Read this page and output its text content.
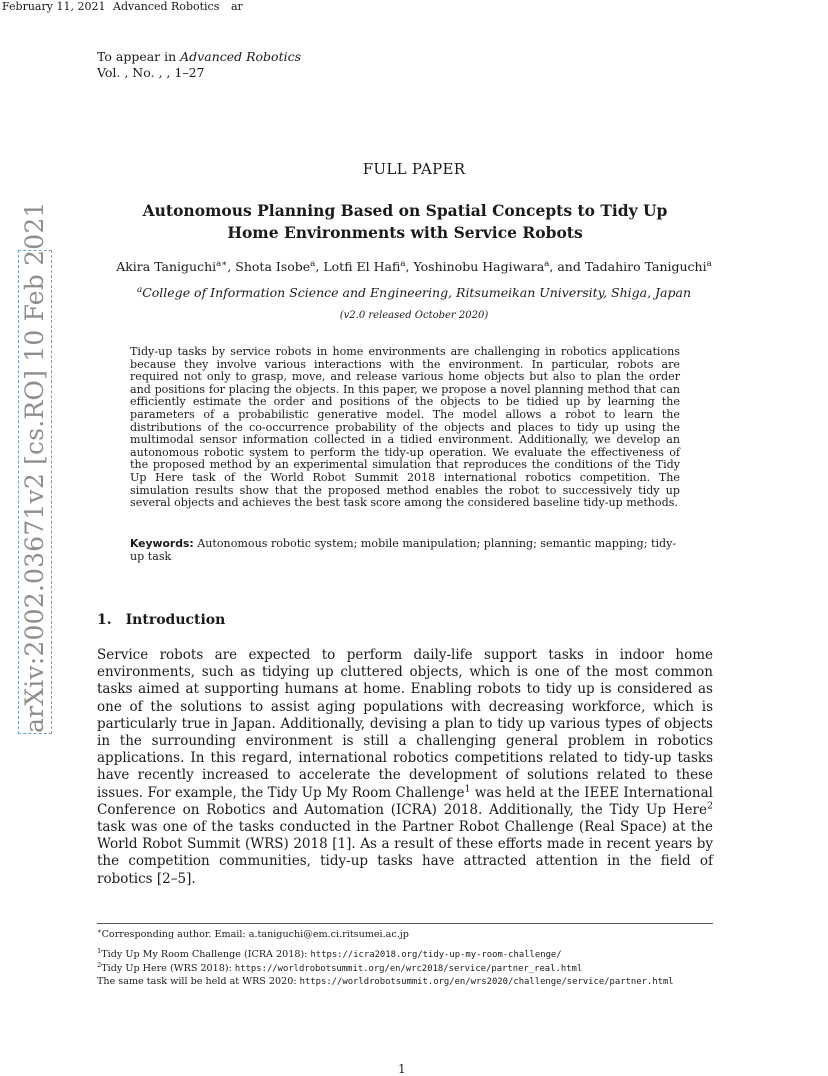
February 11, 2021 Advanced Robotics ar
arXiv:2002.03671v2 [cs.RO] 10 Feb 2021
To appear in Advanced Robotics
Vol. , No. , , 1–27
FULL PAPER
Autonomous Planning Based on Spatial Concepts to Tidy Up
Home Environments with Service Robots
Akira Taniguchi$^{a∗}$, Shota Isobe$^a$, Lotfi El Hafi$^a$, Yoshinobu Hagiwara$^a$, and Tadahiro Taniguchi$^a$
$^a$College of Information Science and Engineering, Ritsumeikan University, Shiga, Japan
(v2.0 released October 2020)
Tidy-up tasks by service robots in home environments are challenging in robotics applications because they involve various interactions with the environment. In particular, robots are required not only to grasp, move, and release various home objects but also to plan the order and positions for placing the objects. In this paper, we propose a novel planning method that can efficiently estimate the order and positions of the objects to be tidied up by learning the parameters of a probabilistic generative model. The model allows a robot to learn the distributions of the co-occurrence probability of the objects and places to tidy up using the multimodal sensor information collected in a tidied environment. Additionally, we develop an autonomous robotic system to perform the tidy-up operation. We evaluate the effectiveness of the proposed method by an experimental simulation that reproduces the conditions of the Tidy Up Here task of the World Robot Summit 2018 international robotics competition. The simulation results show that the proposed method enables the robot to successively tidy up several objects and achieves the best task score among the considered baseline tidy-up methods.
Keywords: Autonomous robotic system; mobile manipulation; planning; semantic mapping; tidy-up task
1. Introduction
Service robots are expected to perform daily-life support tasks in indoor home environments, such as tidying up cluttered objects, which is one of the most common tasks aimed at supporting humans at home. Enabling robots to tidy up is considered as one of the solutions to assist aging populations with decreasing workforce, which is particularly true in Japan. Additionally, devising a plan to tidy up various types of objects in the surrounding environment is still a challenging general problem in robotics applications. In this regard, international robotics competitions related to tidy-up tasks have recently increased to accelerate the development of solutions related to these issues. For example, the Tidy Up My Room Challenge$^1$ was held at the IEEE International Conference on Robotics and Automation (ICRA) 2018. Additionally, the Tidy Up Here$^2$ task was one of the tasks conducted in the Partner Robot Challenge (Real Space) at the World Robot Summit (WRS) 2018 [1]. As a result of these efforts made in recent years by the competition communities, tidy-up tasks have attracted attention in the field of robotics [2–5].
∗Corresponding author. Email: a.taniguchi@em.ci.ritsumei.ac.jp
$^1$Tidy Up My Room Challenge (ICRA 2018): https://icra2018.org/tidy-up-my-room-challenge/
$^2$Tidy Up Here (WRS 2018): https://worldrobotsummit.org/en/wrc2018/service/partner_real.html
The same task will be held at WRS 2020: https://worldrobotsummit.org/en/wrs2020/challenge/service/partner.html
1
